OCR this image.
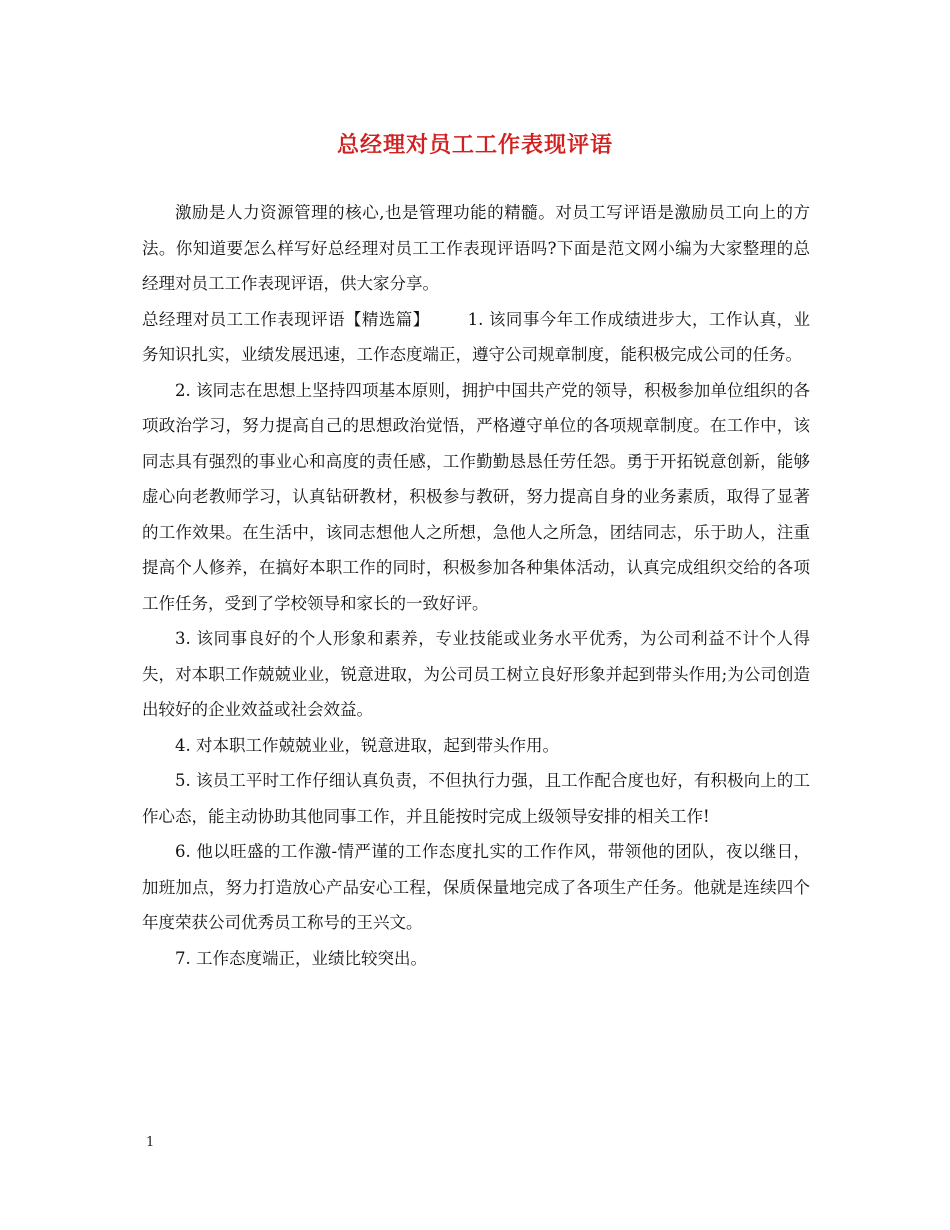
总经理对员工工作表现评语

激励是人力资源管理的核心,也是管理功能的精髓。对员工写评语是激励员工向上的方法。你知道要怎么样写好总经理对员工工作表现评语吗?下面是范文网小编为大家整理的总经理对员工工作表现评语，供大家分享。

总经理对员工工作表现评语【精选篇】 1. 该同事今年工作成绩进步大，工作认真，业务知识扎实，业绩发展迅速，工作态度端正，遵守公司规章制度，能积极完成公司的任务。

2. 该同志在思想上坚持四项基本原则，拥护中国共产党的领导，积极参加单位组织的各项政治学习，努力提高自己的思想政治觉悟，严格遵守单位的各项规章制度。在工作中，该同志具有强烈的事业心和高度的责任感，工作勤勤恳恳任劳任怨。勇于开拓锐意创新，能够虚心向老教师学习，认真钻研教材，积极参与教研，努力提高自身的业务素质，取得了显著的工作效果。在生活中，该同志想他人之所想，急他人之所急，团结同志，乐于助人，注重提高个人修养，在搞好本职工作的同时，积极参加各种集体活动，认真完成组织交给的各项工作任务，受到了学校领导和家长的一致好评。

3. 该同事良好的个人形象和素养，专业技能或业务水平优秀，为公司利益不计个人得失，对本职工作兢兢业业，锐意进取，为公司员工树立良好形象并起到带头作用;为公司创造出较好的企业效益或社会效益。

4. 对本职工作兢兢业业，锐意进取，起到带头作用。

5. 该员工平时工作仔细认真负责，不但执行力强，且工作配合度也好，有积极向上的工作心态，能主动协助其他同事工作，并且能按时完成上级领导安排的相关工作!

6. 他以旺盛的工作激-情严谨的工作态度扎实的工作作风，带领他的团队，夜以继日，加班加点，努力打造放心产品安心工程，保质保量地完成了各项生产任务。他就是连续四个年度荣获公司优秀员工称号的王兴文。

7. 工作态度端正，业绩比较突出。

1
